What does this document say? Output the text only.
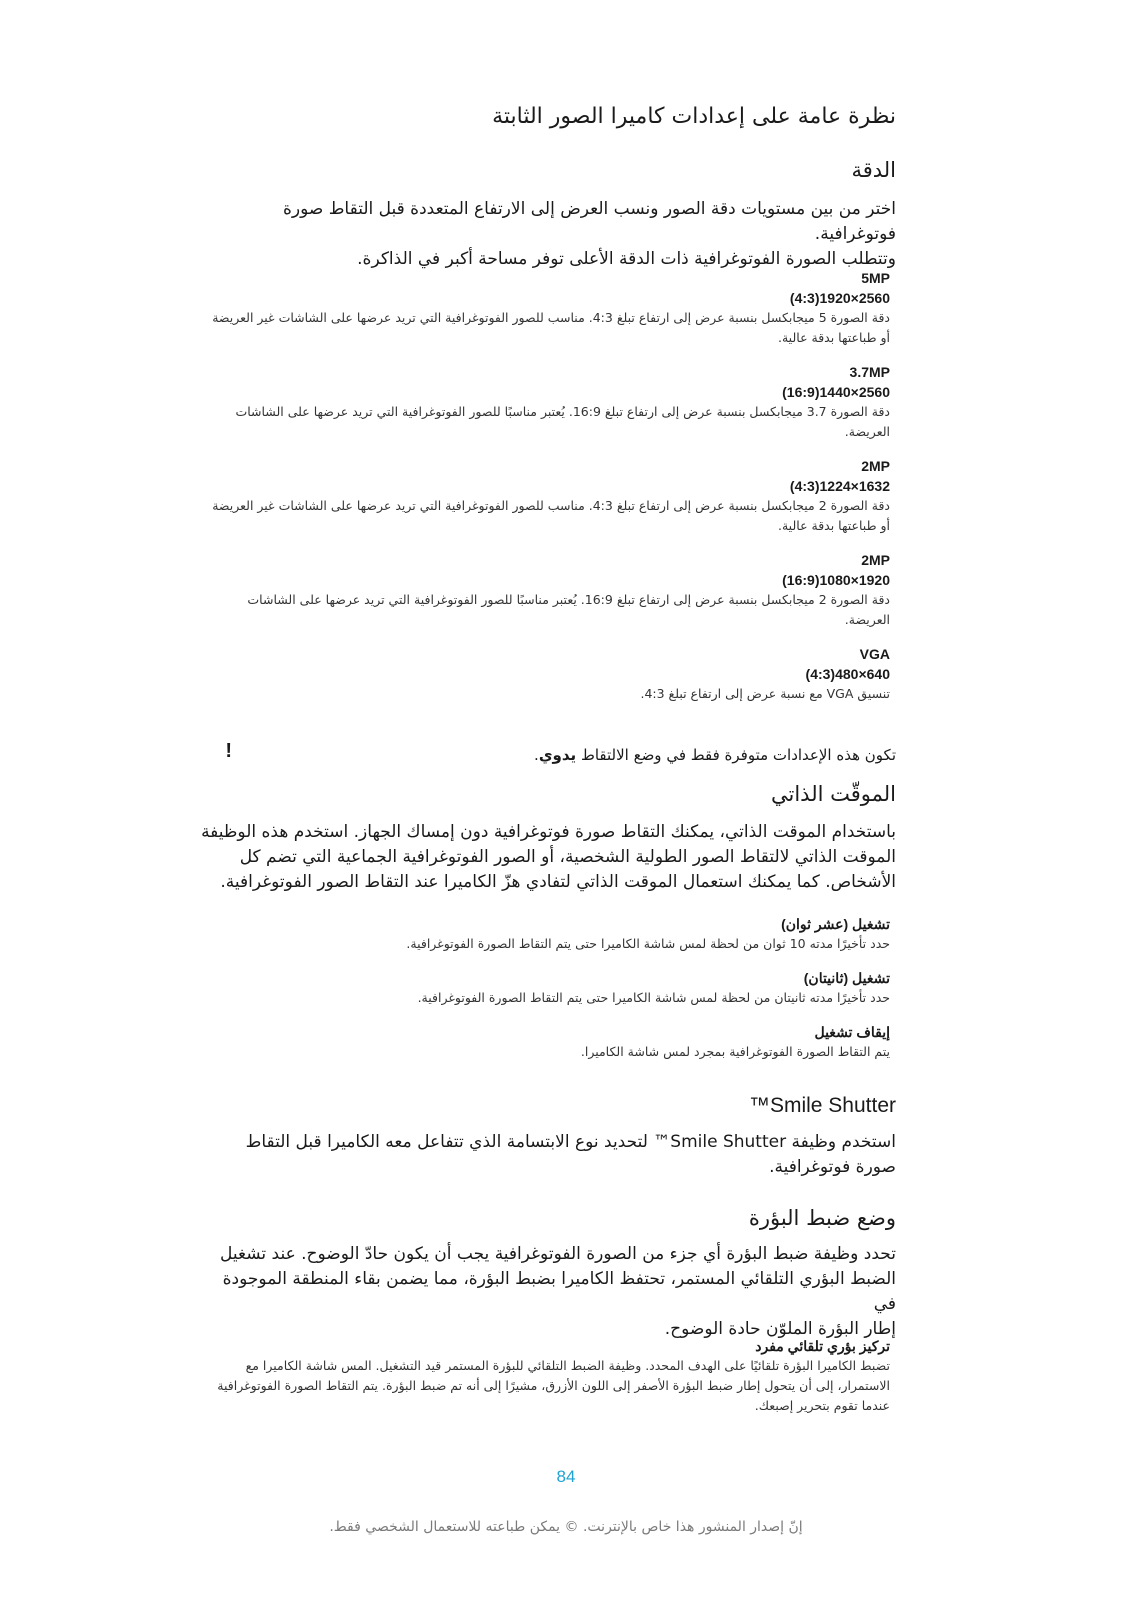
نظرة عامة على إعدادات كاميرا الصور الثابتة
الدقة
اختر من بين مستويات دقة الصور ونسب العرض إلى الارتفاع المتعددة قبل التقاط صورة فوتوغرافية.
وتتطلب الصورة الفوتوغرافية ذات الدقة الأعلى توفر مساحة أكبر في الذاكرة.
5MP
2560×1920(4:3)
دقة الصورة 5 ميجابكسل بنسبة عرض إلى ارتفاع تبلغ 4:3. مناسب للصور الفوتوغرافية التي تريد عرضها على الشاشات غير العريضة أو طباعتها بدقة عالية.
3.7MP
2560×1440(16:9)
دقة الصورة 3.7 ميجابكسل بنسبة عرض إلى ارتفاع تبلغ 16:9. يُعتبر مناسبًا للصور الفوتوغرافية التي تريد عرضها على الشاشات العريضة.
2MP
1632×1224(4:3)
دقة الصورة 2 ميجابكسل بنسبة عرض إلى ارتفاع تبلغ 4:3. مناسب للصور الفوتوغرافية التي تريد عرضها على الشاشات غير العريضة أو طباعتها بدقة عالية.
2MP
1920×1080(16:9)
دقة الصورة 2 ميجابكسل بنسبة عرض إلى ارتفاع تبلغ 16:9. يُعتبر مناسبًا للصور الفوتوغرافية التي تريد عرضها على الشاشات العريضة.
VGA
640×480(4:3)
تنسيق VGA مع نسبة عرض إلى ارتفاع تبلغ 4:3.
تكون هذه الإعدادات متوفرة فقط في وضع الالتقاط يدوي.
الموقّت الذاتي
باستخدام الموقت الذاتي، يمكنك التقاط صورة فوتوغرافية دون إمساك الجهاز. استخدم هذه الوظيفة
الموقت الذاتي لالتقاط الصور الطولية الشخصية، أو الصور الفوتوغرافية الجماعية التي تضم كل
الأشخاص. كما يمكنك استعمال الموقت الذاتي لتفادي هزّ الكاميرا عند التقاط الصور الفوتوغرافية.
تشغيل (عشر ثوان)
حدد تأخيرًا مدته 10 ثوان من لحظة لمس شاشة الكاميرا حتى يتم التقاط الصورة الفوتوغرافية.
تشغيل (ثانيتان)
حدد تأخيرًا مدته ثانيتان من لحظة لمس شاشة الكاميرا حتى يتم التقاط الصورة الفوتوغرافية.
إيقاف تشغيل
يتم التقاط الصورة الفوتوغرافية بمجرد لمس شاشة الكاميرا.
Smile Shutter™
استخدم وظيفة Smile Shutter™ لتحديد نوع الابتسامة الذي تتفاعل معه الكاميرا قبل التقاط صورة فوتوغرافية.
وضع ضبط البؤرة
تحدد وظيفة ضبط البؤرة أي جزء من الصورة الفوتوغرافية يجب أن يكون حادّ الوضوح. عند تشغيل
الضبط البؤري التلقائي المستمر، تحتفظ الكاميرا بضبط البؤرة، مما يضمن بقاء المنطقة الموجودة في
إطار البؤرة الملوّن حادة الوضوح.
تركيز بؤري تلقائي مفرد
تضبط الكاميرا البؤرة تلقائيًا على الهدف المحدد. وظيفة الضبط التلقائي للبؤرة المستمر قيد التشغيل. المس شاشة الكاميرا مع الاستمرار، إلى أن يتحول إطار ضبط البؤرة الأصفر إلى اللون الأزرق، مشيرًا إلى أنه تم ضبط البؤرة. يتم التقاط الصورة الفوتوغرافية عندما تقوم بتحرير إصبعك.
!
84
إنّ إصدار المنشور هذا خاص بالإنترنت. © يمكن طباعته للاستعمال الشخصي فقط.
